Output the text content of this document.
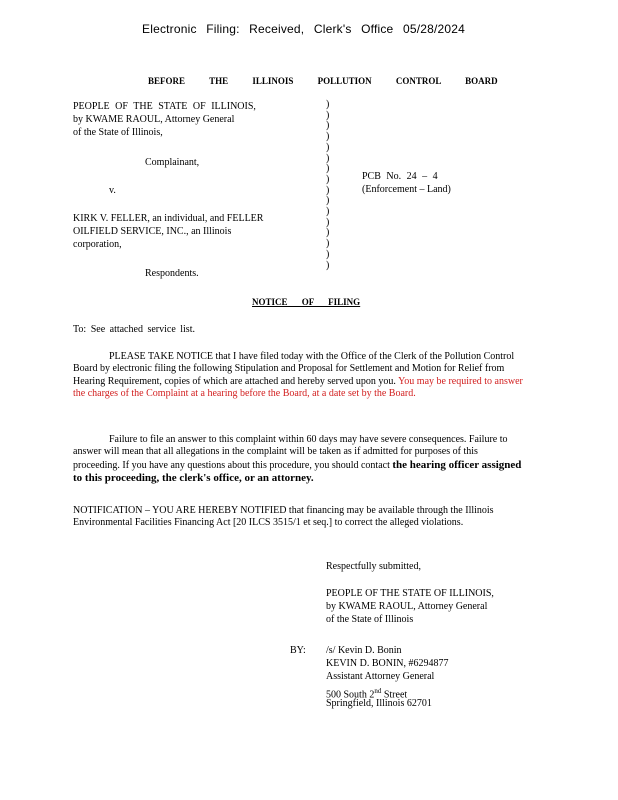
Electronic Filing: Received, Clerk's Office 05/28/2024
BEFORE THE ILLINOIS POLLUTION CONTROL BOARD
PEOPLE OF THE STATE OF ILLINOIS,
by KWAME RAOUL, Attorney General
of the State of Illinois,
Complainant,
v.
KIRK V. FELLER, an individual, and FELLER
OILFIELD SERVICE, INC., an Illinois
corporation,
Respondents.
)
)
)
)
)
)
)
)
)
)
)
)
)
)
)
)
PCB No. 24 – 4
(Enforcement – Land)
NOTICE OF FILING
To: See attached service list.
PLEASE TAKE NOTICE that I have filed today with the Office of the Clerk of the Pollution Control Board by electronic filing the following Stipulation and Proposal for Settlement and Motion for Relief from Hearing Requirement, copies of which are attached and hereby served upon you. You may be required to answer the charges of the Complaint at a hearing before the Board, at a date set by the Board.
Failure to file an answer to this complaint within 60 days may have severe consequences. Failure to answer will mean that all allegations in the complaint will be taken as if admitted for purposes of this proceeding. If you have any questions about this procedure, you should contact the hearing officer assigned to this proceeding, the clerk's office, or an attorney.
NOTIFICATION – YOU ARE HEREBY NOTIFIED that financing may be available through the Illinois Environmental Facilities Financing Act [20 ILCS 3515/1 et seq.] to correct the alleged violations.
Respectfully submitted,
PEOPLE OF THE STATE OF ILLINOIS,
by KWAME RAOUL, Attorney General
of the State of Illinois
BY: /s/ Kevin D. Bonin
KEVIN D. BONIN, #6294877
Assistant Attorney General
500 South 2nd Street
Springfield, Illinois 62701
